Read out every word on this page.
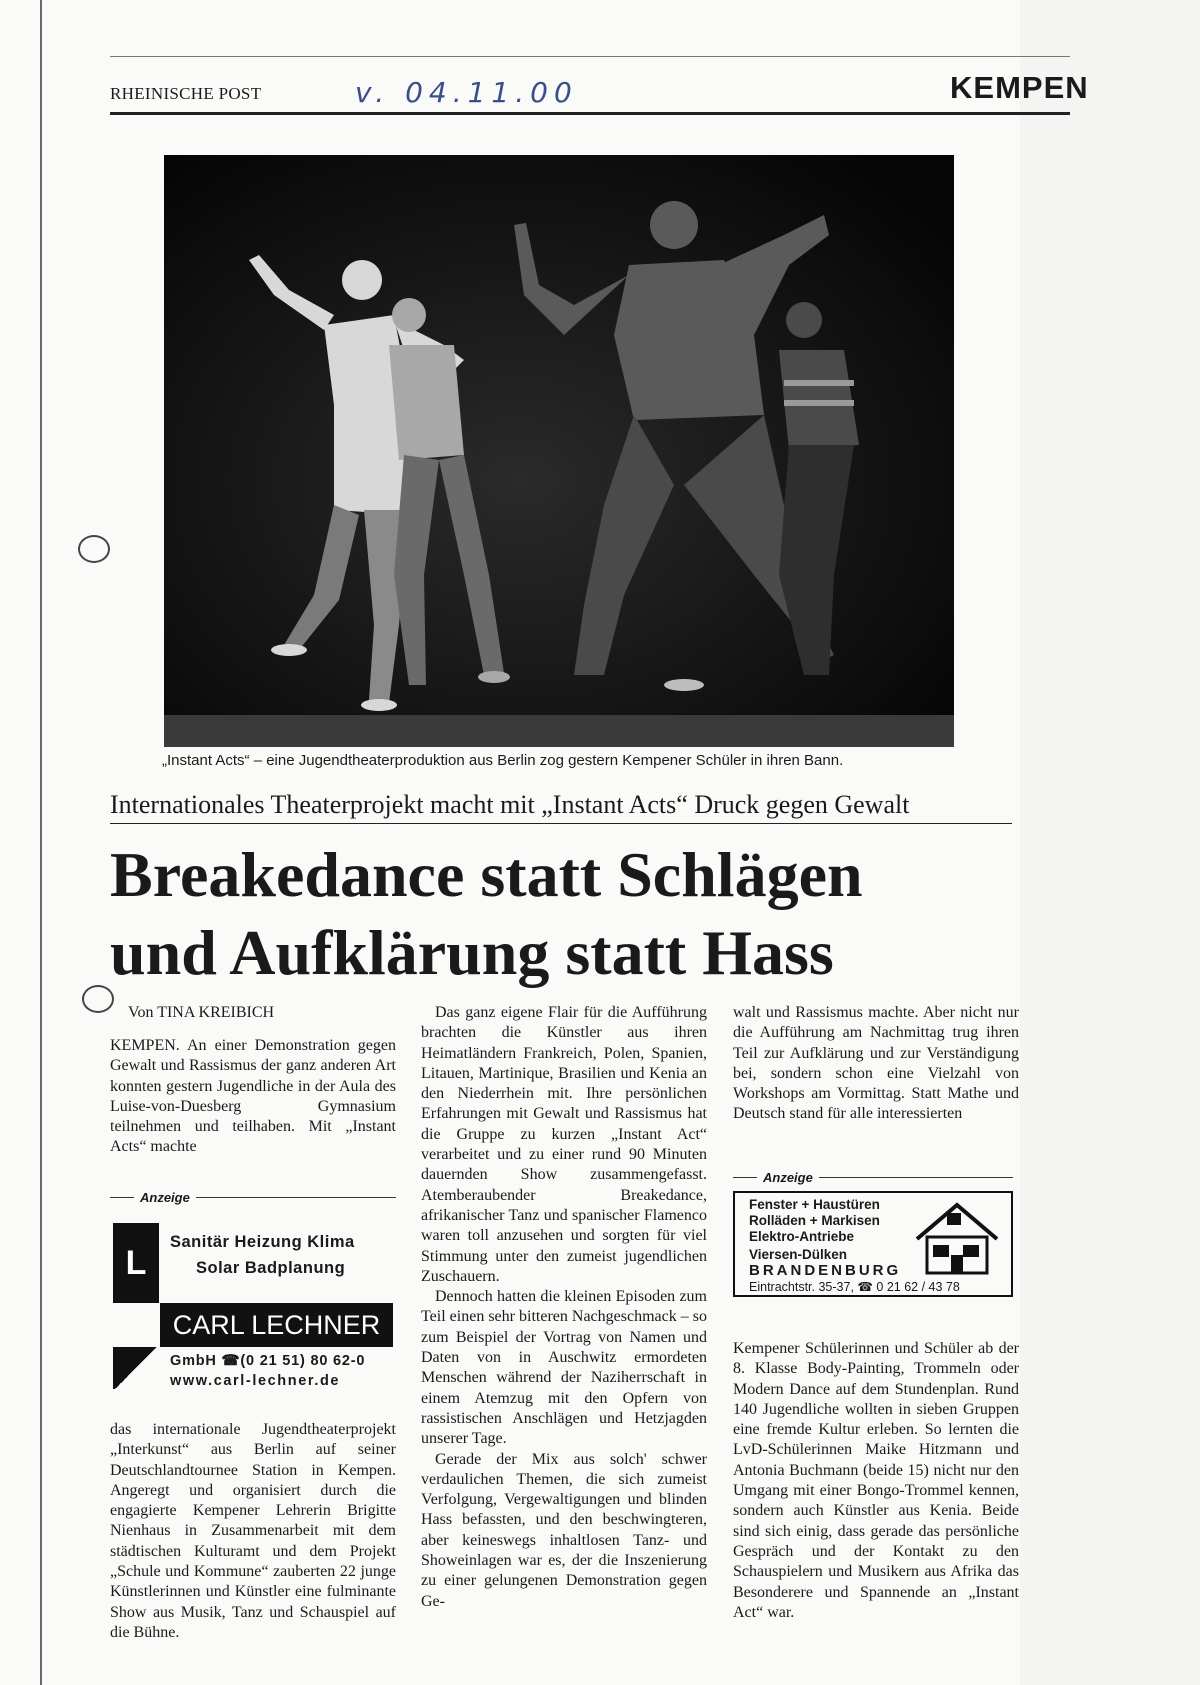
RHEINISCHE POST	v. 04.11.00	KEMPEN
„Instant Acts“ – eine Jugendtheaterproduktion aus Berlin zog gestern Kempener Schüler in ihren Bann.
Internationales Theaterprojekt macht mit „Instant Acts“ Druck gegen Gewalt
Breakedance statt Schlägen
und Aufklärung statt Hass
Von TINA KREIBICH

KEMPEN. An einer Demonstration gegen Gewalt und Rassismus der ganz anderen Art konnten gestern Jugendliche in der Aula des Luise-von-Duesberg Gymnasium teilnehmen und teilhaben. Mit „Instant Acts“ machte

Anzeige
L
Sanitär Heizung Klima
Solar Badplanung
CARL LECHNER
GmbH ☎(0 21 51) 80 62-0
www.carl-lechner.de

das internationale Jugendtheaterprojekt „Interkunst“ aus Berlin auf seiner Deutschlandtournee Station in Kempen. Angeregt und organisiert durch die engagierte Kempener Lehrerin Brigitte Nienhaus in Zusammenarbeit mit dem städtischen Kulturamt und dem Projekt „Schule und Kommune“ zauberten 22 junge Künstlerinnen und Künstler eine fulminante Show aus Musik, Tanz und Schauspiel auf die Bühne.

Das ganz eigene Flair für die Aufführung brachten die Künstler aus ihren Heimatländern Frankreich, Polen, Spanien, Litauen, Martinique, Brasilien und Kenia an den Niederrhein mit. Ihre persönlichen Erfahrungen mit Gewalt und Rassismus hat die Gruppe zu kurzen „Instant Act“ verarbeitet und zu einer rund 90 Minuten dauernden Show zusammengefasst. Atemberaubender Breakedance, afrikanischer Tanz und spanischer Flamenco waren toll anzusehen und sorgten für viel Stimmung unter den zumeist jugendlichen Zuschauern.

Dennoch hatten die kleinen Episoden zum Teil einen sehr bitteren Nachgeschmack – so zum Beispiel der Vortrag von Namen und Daten von in Auschwitz ermordeten Menschen während der Naziherrschaft in einem Atemzug mit den Opfern von rassistischen Anschlägen und Hetzjagden unserer Tage.

Gerade der Mix aus solch' schwer verdaulichen Themen, die sich zumeist Verfolgung, Vergewaltigungen und blinden Hass befassten, und den beschwingteren, aber keineswegs inhaltlosen Tanz- und Showeinlagen war es, der die Inszenierung zu einer gelungenen Demonstration gegen Ge-

walt und Rassismus machte. Aber nicht nur die Aufführung am Nachmittag trug ihren Teil zur Aufklärung und zur Verständigung bei, sondern schon eine Vielzahl von Workshops am Vormittag. Statt Mathe und Deutsch stand für alle interessierten

Anzeige
Fenster + Haustüren
Rolläden + Markisen
Elektro-Antriebe
Viersen-Dülken
BRANDENBURG
Eintrachtstr. 35-37, ☎ 0 21 62 / 43 78

Kempener Schülerinnen und Schüler ab der 8. Klasse Body-Painting, Trommeln oder Modern Dance auf dem Stundenplan. Rund 140 Jugendliche wollten in sieben Gruppen eine fremde Kultur erleben. So lernten die LvD-Schülerinnen Maike Hitzmann und Antonia Buchmann (beide 15) nicht nur den Umgang mit einer Bongo-Trommel kennen, sondern auch Künstler aus Kenia. Beide sind sich einig, dass gerade das persönliche Gespräch und der Kontakt zu den Schauspielern und Musikern aus Afrika das Besonderere und Spannende an „Instant Act“ war.
